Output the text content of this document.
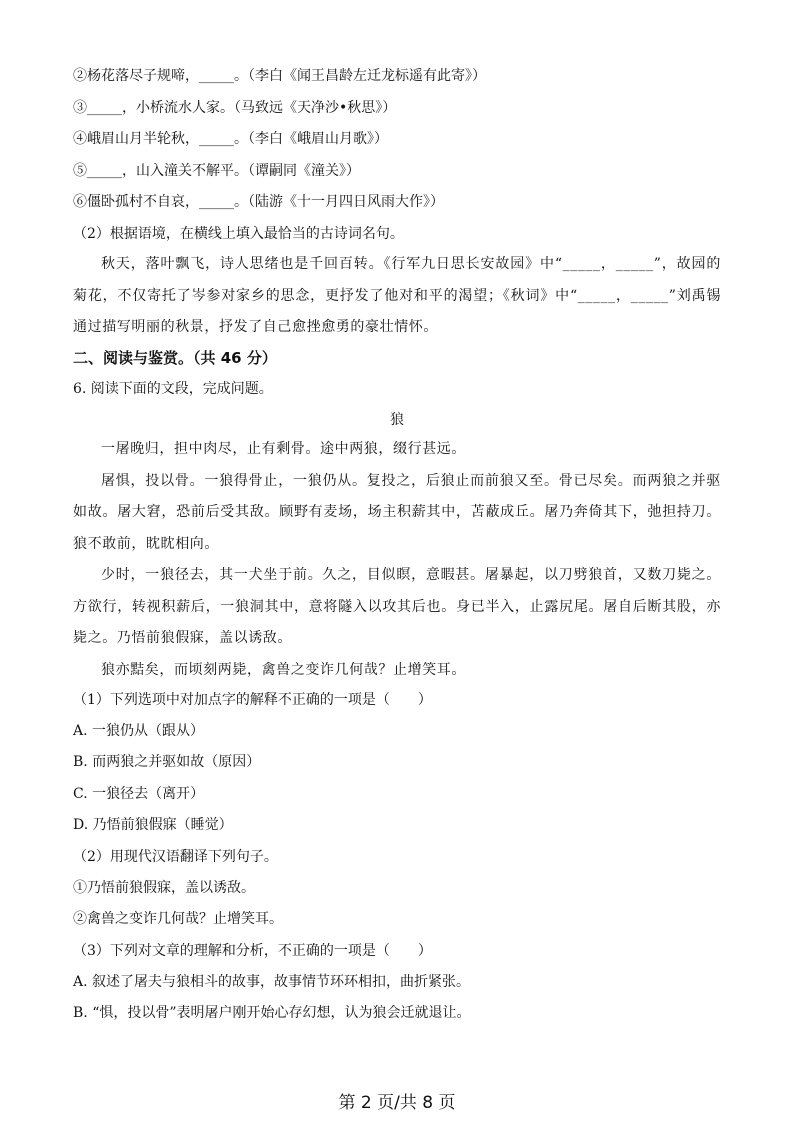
②杨花落尽子规啼，_____。（李白《闻王昌龄左迁龙标遥有此寄》）
③_____，小桥流水人家。（马致远《天净沙•秋思》）
④峨眉山月半轮秋，_____。（李白《峨眉山月歌》）
⑤_____，山入潼关不解平。（谭嗣同《潼关》）
⑥僵卧孤村不自哀，_____。（陆游《十一月四日风雨大作》）
（2）根据语境，在横线上填入最恰当的古诗词名句。

秋天，落叶飘飞，诗人思绪也是千回百转。《行军九日思长安故园》中“_____，_____”，故园的菊花，不仅寄托了岑参对家乡的思念，更抒发了他对和平的渴望；《秋词》中“_____，_____”刘禹锡通过描写明丽的秋景，抒发了自己愈挫愈勇的豪壮情怀。

二、阅读与鉴赏。（共 46 分）
6. 阅读下面的文段，完成问题。
狼

一屠晚归，担中肉尽，止有剩骨。途中两狼，缀行甚远。

屠惧，投以骨。一狼得骨止，一狼仍从。复投之，后狼止而前狼又至。骨已尽矣。而两狼之并驱如故。屠大窘，恐前后受其敌。顾野有麦场，场主积薪其中，苫蔽成丘。屠乃奔倚其下，弛担持刀。狼不敢前，眈眈相向。

少时，一狼径去，其一犬坐于前。久之，目似瞑，意暇甚。屠暴起，以刀劈狼首，又数刀毙之。方欲行，转视积薪后，一狼洞其中，意将隧入以攻其后也。身已半入，止露尻尾。屠自后断其股，亦毙之。乃悟前狼假寐，盖以诱敌。

狼亦黠矣，而顷刻两毙，禽兽之变诈几何哉？止增笑耳。

（1）下列选项中对加点字的解释不正确的一项是（　　）
A. 一狼仍从（跟从）
B. 而两狼之并驱如故（原因）
C. 一狼径去（离开）
D. 乃悟前狼假寐（睡觉）
（2）用现代汉语翻译下列句子。
①乃悟前狼假寐，盖以诱敌。
②禽兽之变诈几何哉？止增笑耳。
（3）下列对文章的理解和分析，不正确的一项是（　　）
A. 叙述了屠夫与狼相斗的故事，故事情节环环相扣，曲折紧张。
B. “惧，投以骨”表明屠户刚开始心存幻想，认为狼会迁就退让。
第 2 页/共 8 页
